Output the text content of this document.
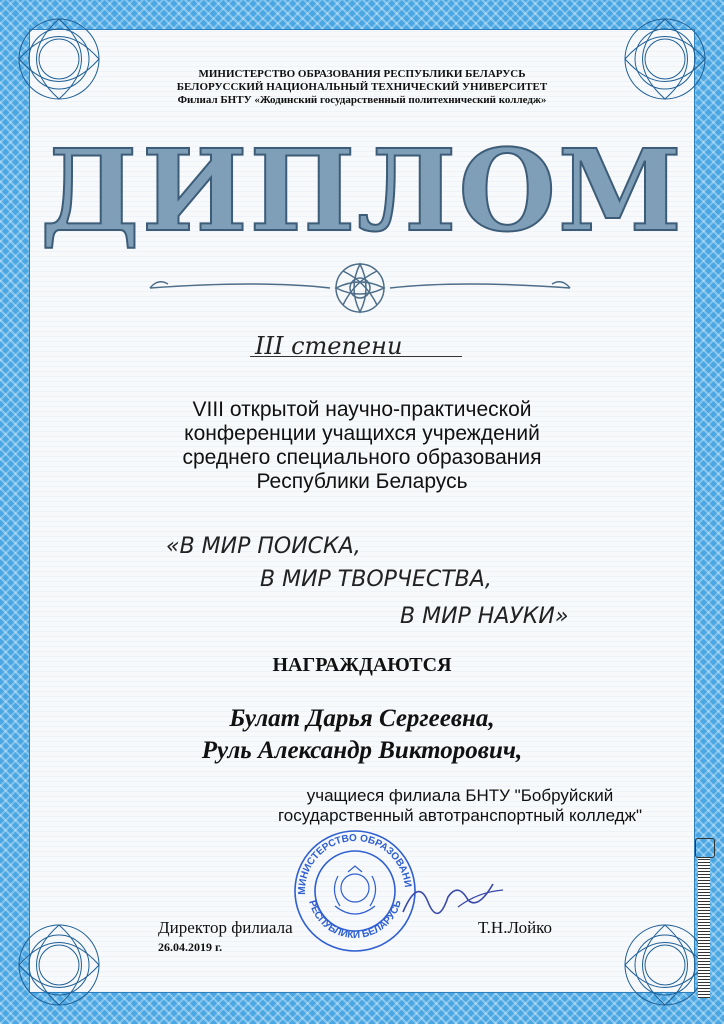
МИНИСТЕРСТВО ОБРАЗОВАНИЯ РЕСПУБЛИКИ БЕЛАРУСЬ
БЕЛОРУССКИЙ НАЦИОНАЛЬНЫЙ ТЕХНИЧЕСКИЙ УНИВЕРСИТЕТ
Филиал БНТУ «Жодинский государственный политехнический колледж»
ДИПЛОМ
III степени
VIII открытой научно-практической
конференции учащихся учреждений
среднего специального образования
Республики Беларусь
«В МИР ПОИСКА,
В МИР ТВОРЧЕСТВА,
В МИР НАУКИ»
НАГРАЖДАЮТСЯ
Булат Дарья Сергеевна,
Руль Александр Викторович,
учащиеся филиала БНТУ "Бобруйский государственный автотранспортный колледж"
МИНИСТЕРСТВО ОБРАЗОВАНИ
РЕСПУБЛИКИ БЕЛАРУСЬ
Директор филиала
26.04.2019 г.
Т.Н.Лойко
